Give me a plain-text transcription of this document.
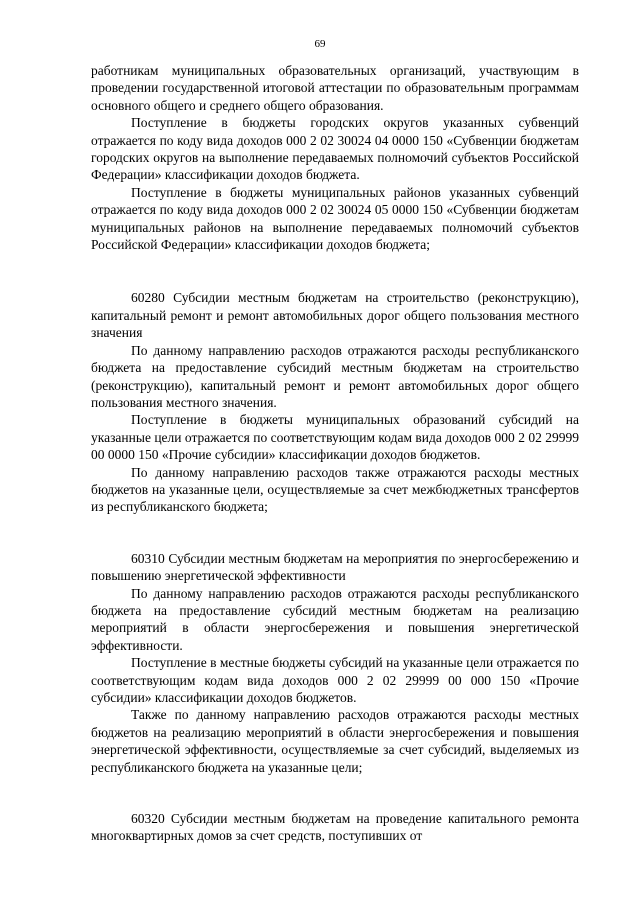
69

работникам муниципальных образовательных организаций, участвующим в проведении государственной итоговой аттестации по образовательным программам основного общего и среднего общего образования.

Поступление в бюджеты городских округов указанных субвенций отражается по коду вида доходов 000 2 02 30024 04 0000 150 «Субвенции бюджетам городских округов на выполнение передаваемых полномочий субъектов Российской Федерации» классификации доходов бюджета.

Поступление в бюджеты муниципальных районов указанных субвенций отражается по коду вида доходов 000 2 02 30024 05 0000 150 «Субвенции бюджетам муниципальных районов на выполнение передаваемых полномочий субъектов Российской Федерации» классификации доходов бюджета;

60280 Субсидии местным бюджетам на строительство (реконструкцию), капитальный ремонт и ремонт автомобильных дорог общего пользования местного значения

По данному направлению расходов отражаются расходы республиканского бюджета на предоставление субсидий местным бюджетам на строительство (реконструкцию), капитальный ремонт и ремонт автомобильных дорог общего пользования местного значения.

Поступление в бюджеты муниципальных образований субсидий на указанные цели отражается по соответствующим кодам вида доходов 000 2 02 29999 00 0000 150 «Прочие субсидии» классификации доходов бюджетов.

По данному направлению расходов также отражаются расходы местных бюджетов на указанные цели, осуществляемые за счет межбюджетных трансфертов из республиканского бюджета;

60310 Субсидии местным бюджетам на мероприятия по энергосбережению и повышению энергетической эффективности

По данному направлению расходов отражаются расходы республиканского бюджета на предоставление субсидий местным бюджетам на реализацию мероприятий в области энергосбережения и повышения энергетической эффективности.

Поступление в местные бюджеты субсидий на указанные цели отражается по соответствующим кодам вида доходов 000 2 02 29999 00 000 150 «Прочие субсидии» классификации доходов бюджетов.

Также по данному направлению расходов отражаются расходы местных бюджетов на реализацию мероприятий в области энергосбережения и повышения энергетической эффективности, осуществляемые за счет субсидий, выделяемых из республиканского бюджета на указанные цели;

60320 Субсидии местным бюджетам на проведение капитального ремонта многоквартирных домов за счет средств, поступивших от
